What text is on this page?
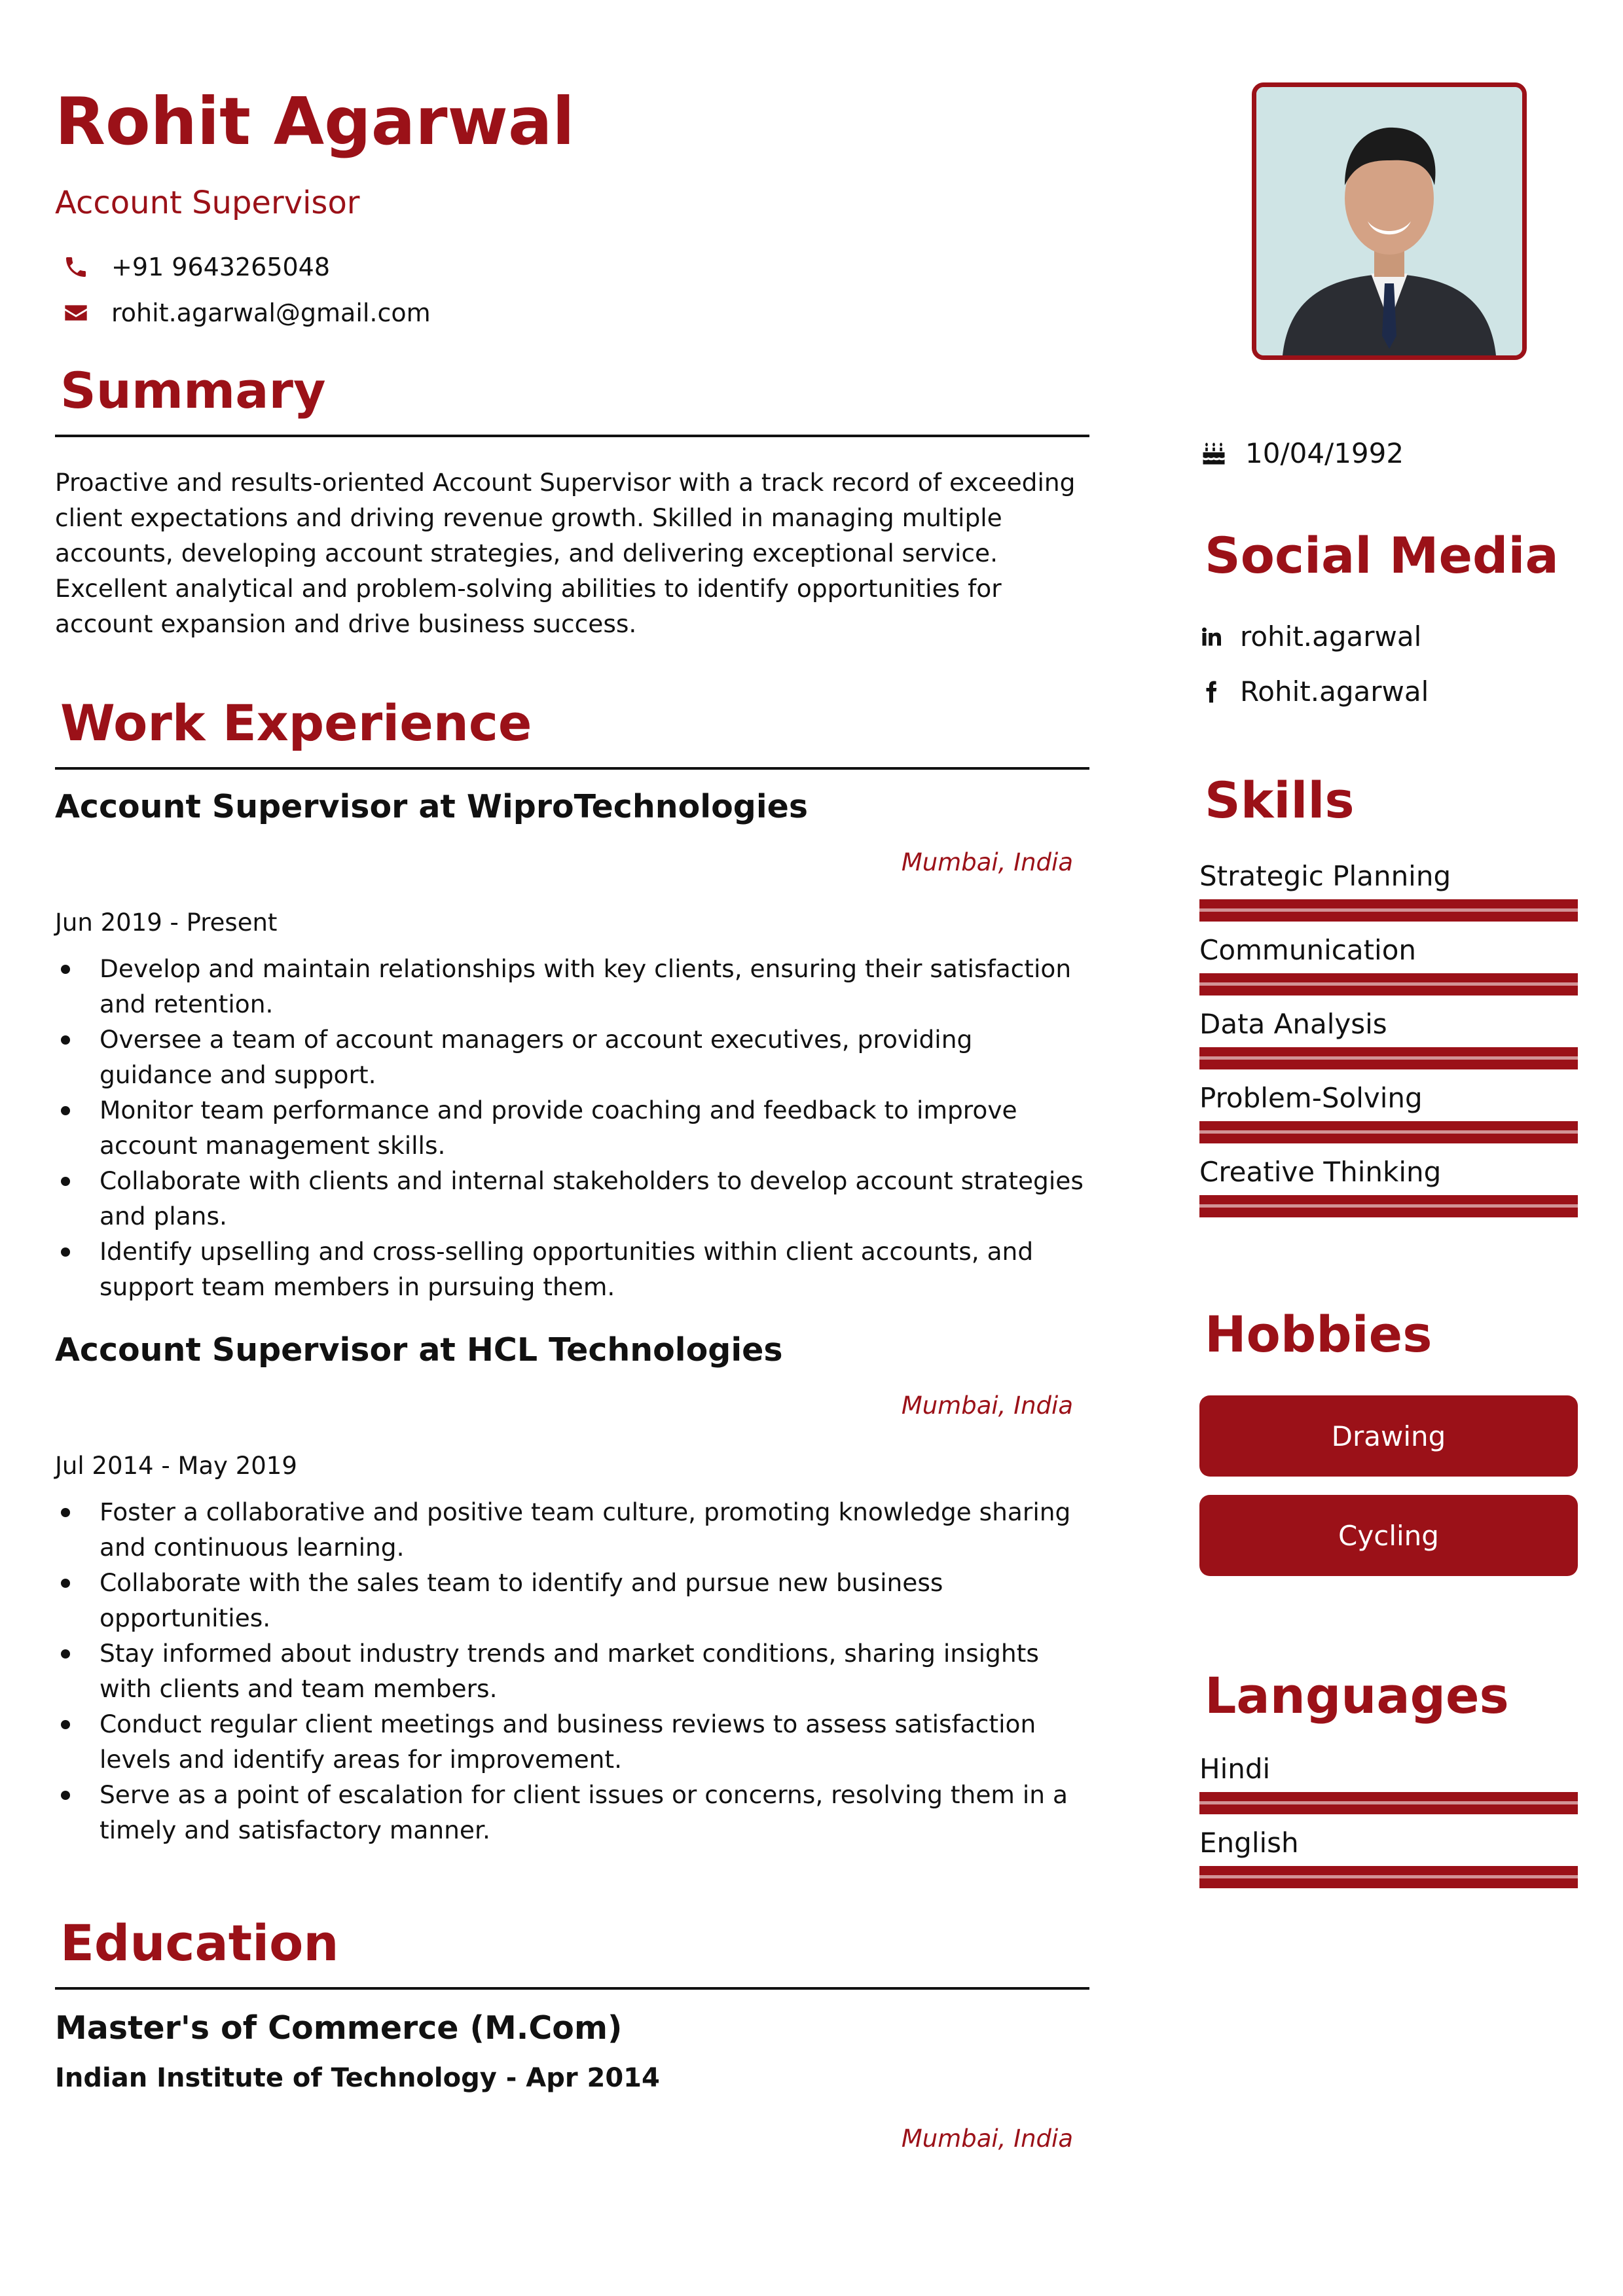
Rohit Agarwal
Account Supervisor
+91 9643265048
rohit.agarwal@gmail.com
Summary
Proactive and results-oriented Account Supervisor with a track record of exceeding client expectations and driving revenue growth. Skilled in managing multiple accounts, developing account strategies, and delivering exceptional service. Excellent analytical and problem-solving abilities to identify opportunities for account expansion and drive business success.
Work Experience
Account Supervisor at WiproTechnologies
Mumbai, India
Jun 2019 - Present
Develop and maintain relationships with key clients, ensuring their satisfaction and retention.
Oversee a team of account managers or account executives, providing guidance and support.
Monitor team performance and provide coaching and feedback to improve account management skills.
Collaborate with clients and internal stakeholders to develop account strategies and plans.
Identify upselling and cross-selling opportunities within client accounts, and support team members in pursuing them.
Account Supervisor at HCL Technologies
Mumbai, India
Jul 2014 - May 2019
Foster a collaborative and positive team culture, promoting knowledge sharing and continuous learning.
Collaborate with the sales team to identify and pursue new business opportunities.
Stay informed about industry trends and market conditions, sharing insights with clients and team members.
Conduct regular client meetings and business reviews to assess satisfaction levels and identify areas for improvement.
Serve as a point of escalation for client issues or concerns, resolving them in a timely and satisfactory manner.
Education
Master's of Commerce (M.Com)
Indian Institute of Technology - Apr 2014
Mumbai, India
10/04/1992
Social Media
rohit.agarwal
Rohit.agarwal
Skills
Strategic Planning
Communication
Data Analysis
Problem-Solving
Creative Thinking
Hobbies
Drawing
Cycling
Languages
Hindi
English
